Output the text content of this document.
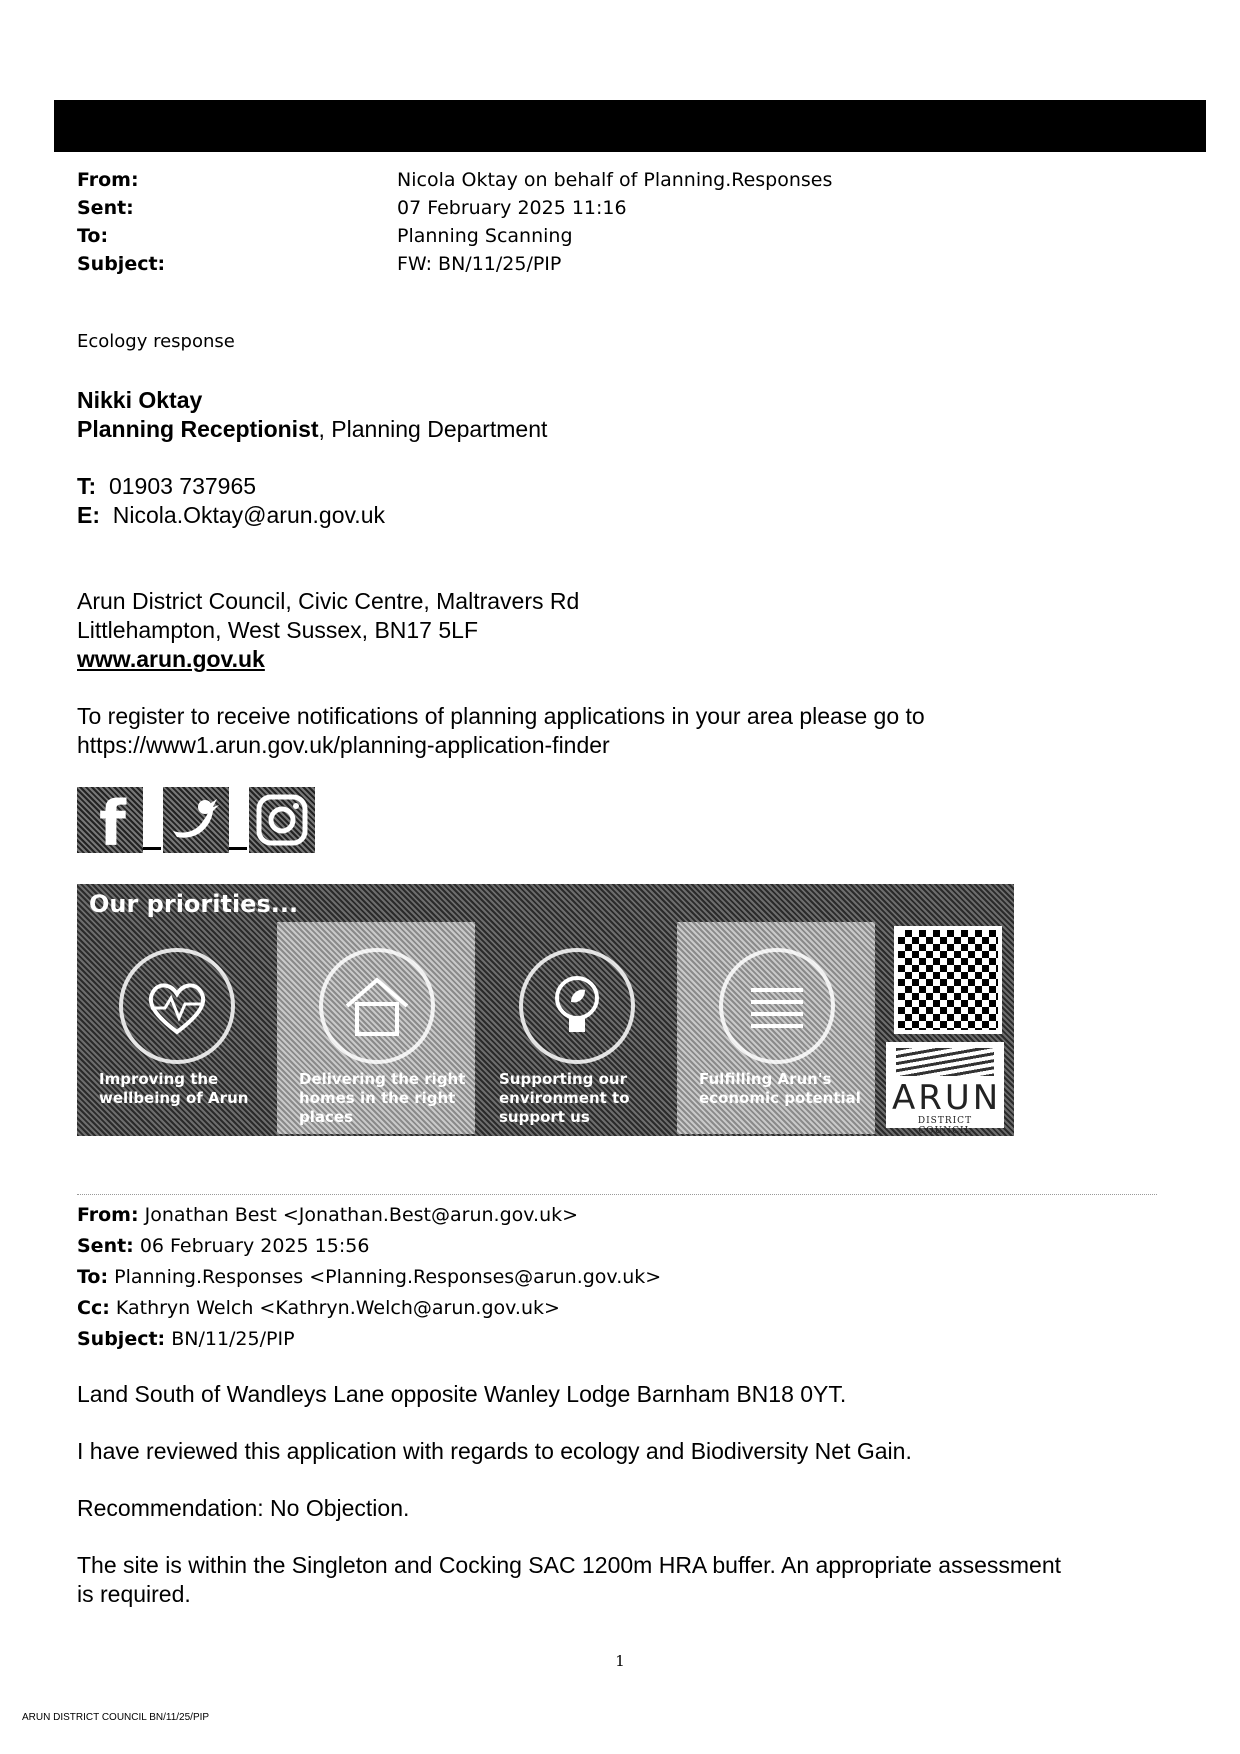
From:	Nicola Oktay on behalf of Planning.Responses
Sent:	07 February 2025 11:16
To:	Planning Scanning
Subject:	FW: BN/11/25/PIP
Ecology response
Nikki Oktay
Planning Receptionist, Planning Department
T: 01903 737965
E: Nicola.Oktay@arun.gov.uk
Arun District Council, Civic Centre, Maltravers Rd
Littlehampton, West Sussex, BN17 5LF
www.arun.gov.uk
To register to receive notifications of planning applications in your area please go to
https://www1.arun.gov.uk/planning-application-finder
f
Our priorities...
Improving the wellbeing of Arun
Delivering the right homes in the right places
Supporting our environment to support us
Fulfilling Arun's economic potential ARUN
DISTRICT COUNCIL
From: Jonathan Best <Jonathan.Best@arun.gov.uk>
Sent: 06 February 2025 15:56
To: Planning.Responses <Planning.Responses@arun.gov.uk>
Cc: Kathryn Welch <Kathryn.Welch@arun.gov.uk>
Subject: BN/11/25/PIP
Land South of Wandleys Lane opposite Wanley Lodge Barnham BN18 0YT.
I have reviewed this application with regards to ecology and Biodiversity Net Gain.
Recommendation: No Objection.
The site is within the Singleton and Cocking SAC 1200m HRA buffer. An appropriate assessment
is required.
1
ARUN DISTRICT COUNCIL BN/11/25/PIP
